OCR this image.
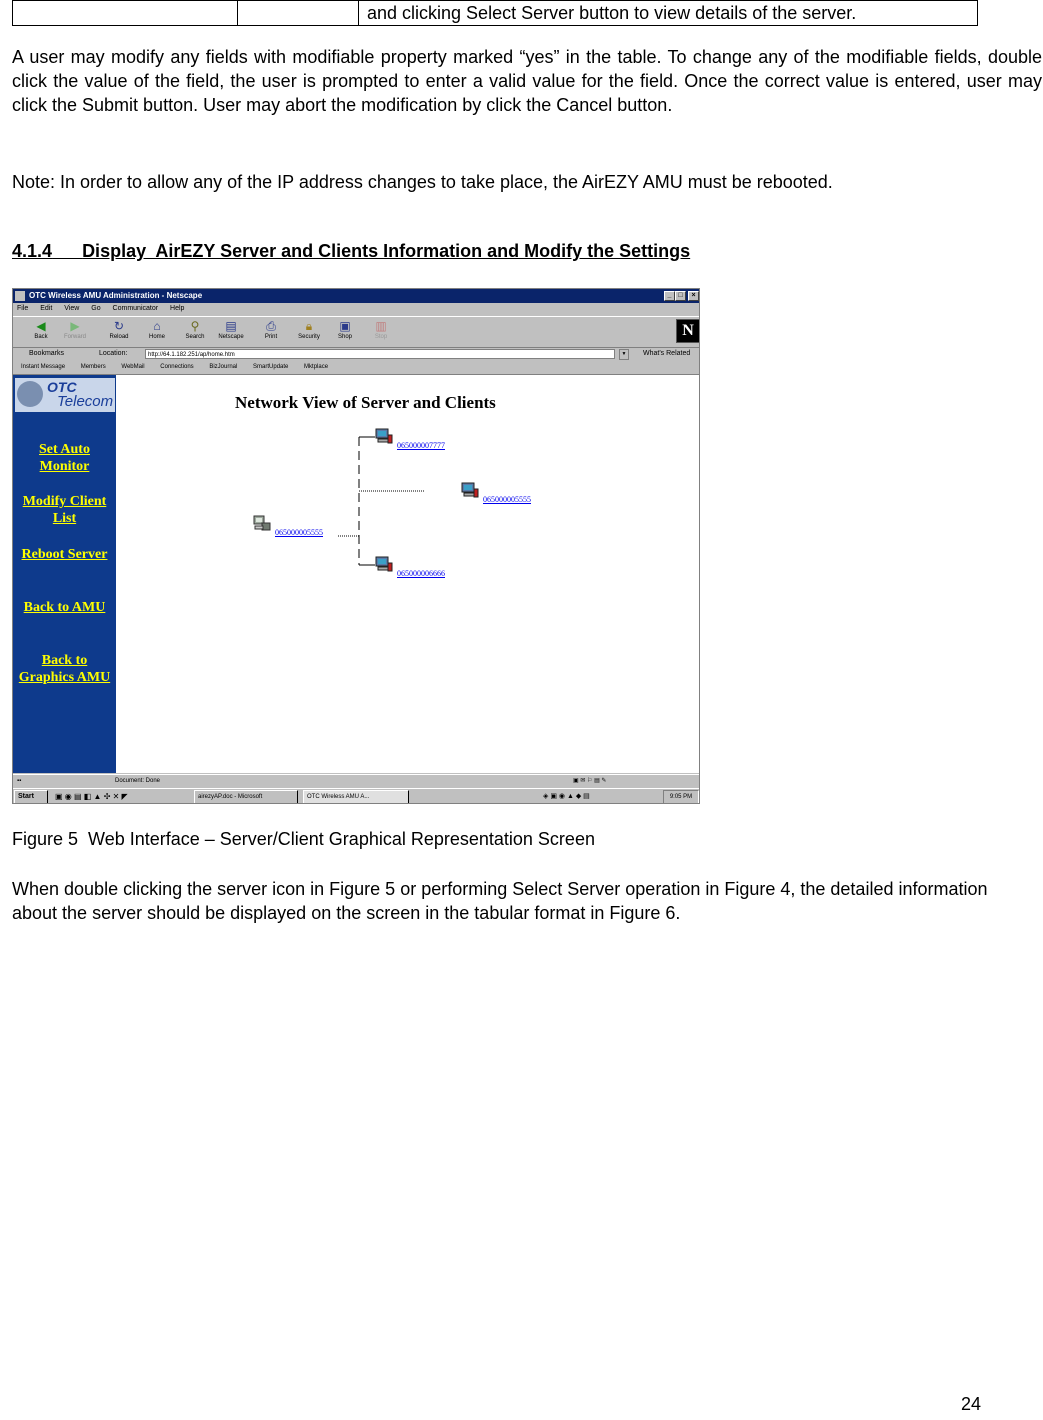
		and clicking Select Server button to view details of the server.
A user may modify any fields with modifiable property marked “yes” in the table. To change any of the modifiable fields, double click the value of the field, the user is prompted to enter a valid value for the field. Once the correct value is entered, user may click the Submit button. User may abort the modification by click the Cancel button.
Note: In order to allow any of the IP address changes to take place, the AirEZY AMU must be rebooted.
4.1.4 Display  AirEZY Server and Clients Information and Modify the Settings
OTC Wireless AMU Administration - Netscape	_ □	×
File Edit View Go Communicator Help
◀
Back
▶
Forward
↻
Reload
⌂
Home
⚲
Search
▤
Netscape
⎙
Print
🔒︎
Security
▣
Shop
▥
Stop	N
Bookmarks	Location:	http://64.1.182.251/ap/home.htm	▼	What's Related
Instant Message	Members	WebMail	Connections	BizJournal	SmartUpdate	Mktplace
OTC
Telecom
Set Auto Monitor
Modify Client List
Reboot Server
Back to AMU
Back to Graphics AMU
Network View of Server and Clients
065000005555
065000007777
065000005555
065000006666
Document: Done
▪▪	▣ ✉ ⚐ ▤ ✎
Start	▣ ◉ ▤ ◧ ▲ ✣ ✕ ◤	airezyAP.doc - Microsoft	OTC Wireless AMU A...	◈ ▣ ◉ ▲ ◆ ▤	9:05 PM
Figure 5  Web Interface – Server/Client Graphical Representation Screen
When double clicking the server icon in Figure 5 or performing Select Server operation in Figure 4, the detailed information about the server should be displayed on the screen in the tabular format in Figure 6.
24
